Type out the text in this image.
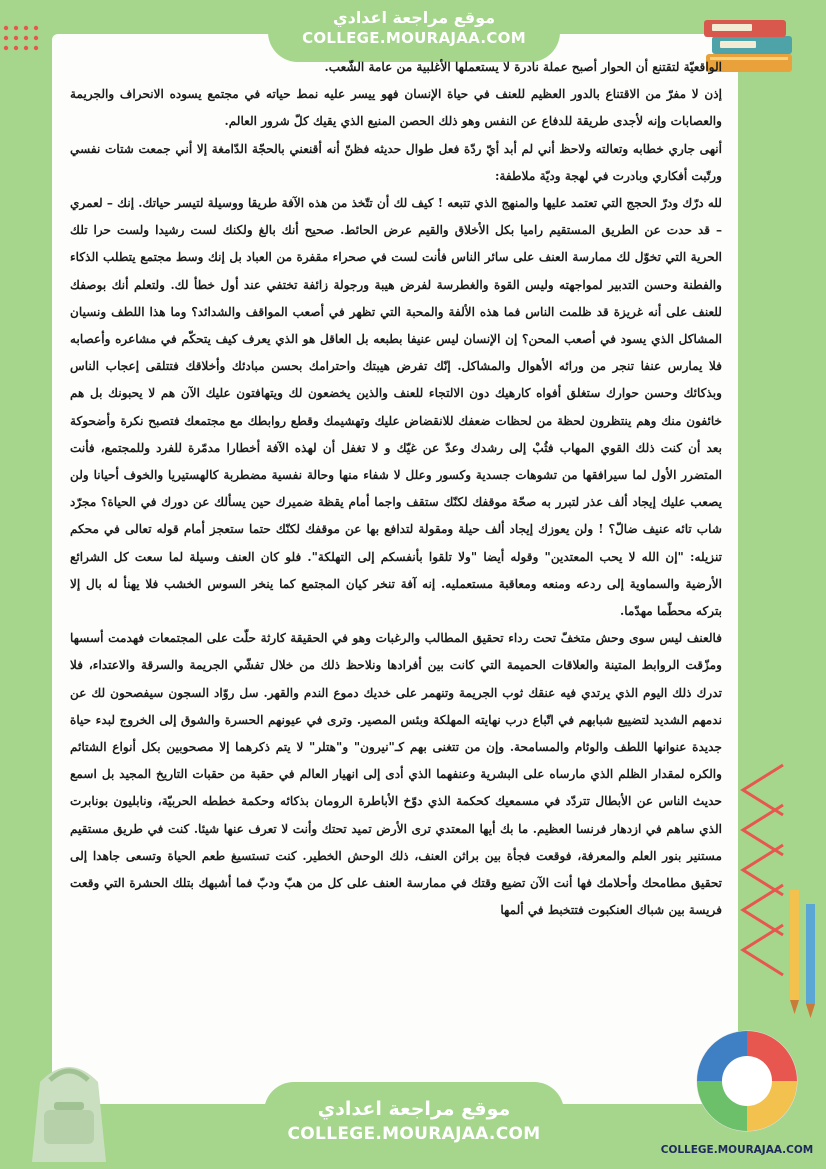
موقع مراجعة اعدادي
COLLEGE.MOURAJAA.COM

الواقعيّة لتقتنع أن الحوار أصبح عملة نادرة لا يستعملها الأغلبية من عامة الشّعب.

إذن لا مفرّ من الاقتناع بالدور العظيم للعنف في حياة الإنسان فهو ييسر عليه نمط حياته في مجتمع يسوده الانحراف والجريمة والعصابات وإنه لأجدى طريقة للدفاع عن النفس وهو ذلك الحصن المنيع الذي يقيك كلّ شرور العالم.

أنهى جاري خطابه وتعالته ولاحظ أني لم أبد أيّ ردّة فعل طوال حديثه فظنّ أنه أقنعني بالحجّة الدّامغة إلا أني جمعت شتات نفسي ورتّبت أفكاري وبادرت في لهجة وديّة ملاطفة:

لله درّك ودرّ الحجج التي تعتمد عليها والمنهج الذي تتبعه ! كيف لك أن تتّخذ من هذه الآفة طريقا ووسيلة لتيسر حياتك. إنك – لعمري – قد حدت عن الطريق المستقيم راميا بكل الأخلاق والقيم عرض الحائط. صحيح أنك بالغ ولكنك لست رشيدا ولست حرا تلك الحرية التي تخوّل لك ممارسة العنف على سائر الناس فأنت لست في صحراء مقفرة من العباد بل إنك وسط مجتمع يتطلب الذكاء والفطنة وحسن التدبير لمواجهته وليس القوة والغطرسة لفرض هيبة ورجولة زائفة تختفي عند أول خطأ لك. ولتعلم أنك بوصفك للعنف على أنه غريزة قد ظلمت الناس فما هذه الألفة والمحبة التي تظهر في أصعب المواقف والشدائد؟ وما هذا اللطف ونسيان المشاكل الذي يسود في أصعب المحن؟ إن الإنسان ليس عنيفا بطبعه بل العاقل هو الذي يعرف كيف يتحكّم في مشاعره وأعصابه فلا يمارس عنفا تنجر من ورائه الأهوال والمشاكل. إنّك تفرض هيبتك واحترامك بحسن مبادئك وأخلاقك فتتلقى إعجاب الناس وبذكائك وحسن حوارك ستغلق أفواه كارهيك دون الالتجاء للعنف والذين يخضعون لك ويتهافتون عليك الآن هم لا يحبونك بل هم خائفون منك وهم ينتظرون لحظة من لحظات ضعفك للانقضاض عليك وتهشيمك وقطع روابطك مع مجتمعك فتصبح نكرة وأضحوكة بعد أن كنت ذلك القوي المهاب فثُبْ إلى رشدك وعدّ عن غيّك و لا تغفل أن لهذه الآفة أخطارا مدمّرة للفرد وللمجتمع، فأنت المتضرر الأول لما سيرافقها من تشوهات جسدية وكسور وعلل لا شفاء منها وحالة نفسية مضطربة كالهستيريا والخوف أحيانا ولن يصعب عليك إيجاد ألف عذر لتبرر به صحّة موقفك لكنّك ستقف واجما أمام يقظة ضميرك حين يسألك عن دورك في الحياة؟ مجرّد شاب تائه عنيف ضالّ؟ ! ولن يعوزك إيجاد ألف حيلة ومقولة لتدافع بها عن موقفك لكنّك حتما ستعجز أمام قوله تعالى في محكم تنزيله: "إن الله لا يحب المعتدين" وقوله أيضا "ولا تلقوا بأنفسكم إلى التهلكة". فلو كان العنف وسيلة لما سعت كل الشرائع الأرضية والسماوية إلى ردعه ومنعه ومعاقبة مستعمليه. إنه آفة تنخر كيان المجتمع كما ينخر السوس الخشب فلا يهنأ له بال إلا بتركه محطّما مهدّما.

فالعنف ليس سوى وحش متخفّ تحت رداء تحقيق المطالب والرغبات وهو في الحقيقة كارثة حلّت على المجتمعات فهدمت أسسها ومزّقت الروابط المتينة والعلاقات الحميمة التي كانت بين أفرادها ونلاحظ ذلك من خلال تفشّي الجريمة والسرقة والاعتداء، فلا تدرك ذلك اليوم الذي يرتدي فيه عنقك ثوب الجريمة وتنهمر على خديك دموع الندم والقهر. سل روّاد السجون سيفصحون لك عن ندمهم الشديد لتضييع شبابهم في اتّباع درب نهايته المهلكة وبئس المصير. وترى في عيونهم الحسرة والشوق إلى الخروج لبدء حياة جديدة عنوانها اللطف والوئام والمسامحة. وإن من تتغنى بهم كـ"نيرون" و"هتلر" لا يتم ذكرهما إلا مصحوبين بكل أنواع الشتائم والكره لمقدار الظلم الذي مارساه على البشرية وعنفهما الذي أدى إلى انهيار العالم في حقبة من حقبات التاريخ المجيد بل اسمع حديث الناس عن الأبطال تتردّد في مسمعيك كحكمة الذي دوّخ الأباطرة الرومان بذكائه وحكمة خططه الحربيّة، ونابليون بونابرت الذي ساهم في ازدهار فرنسا العظيم. ما بك أيها المعتدي ترى الأرض تميد تحتك وأنت لا تعرف عنها شيئا. كنت في طريق مستقيم مستنير بنور العلم والمعرفة، فوقعت فجأة بين براثن العنف، ذلك الوحش الخطير. كنت تستسيغ طعم الحياة وتسعى جاهدا إلى تحقيق مطامحك وأحلامك فها أنت الآن تضيع وقتك في ممارسة العنف على كل من هبّ ودبّ فما أشبهك بتلك الحشرة التي وقعت فريسة بين شباك العنكبوت فتتخبط في ألمها

موقع مراجعة اعدادي
COLLEGE.MOURAJAA.COM
COLLEGE.MOURAJAA.COM
